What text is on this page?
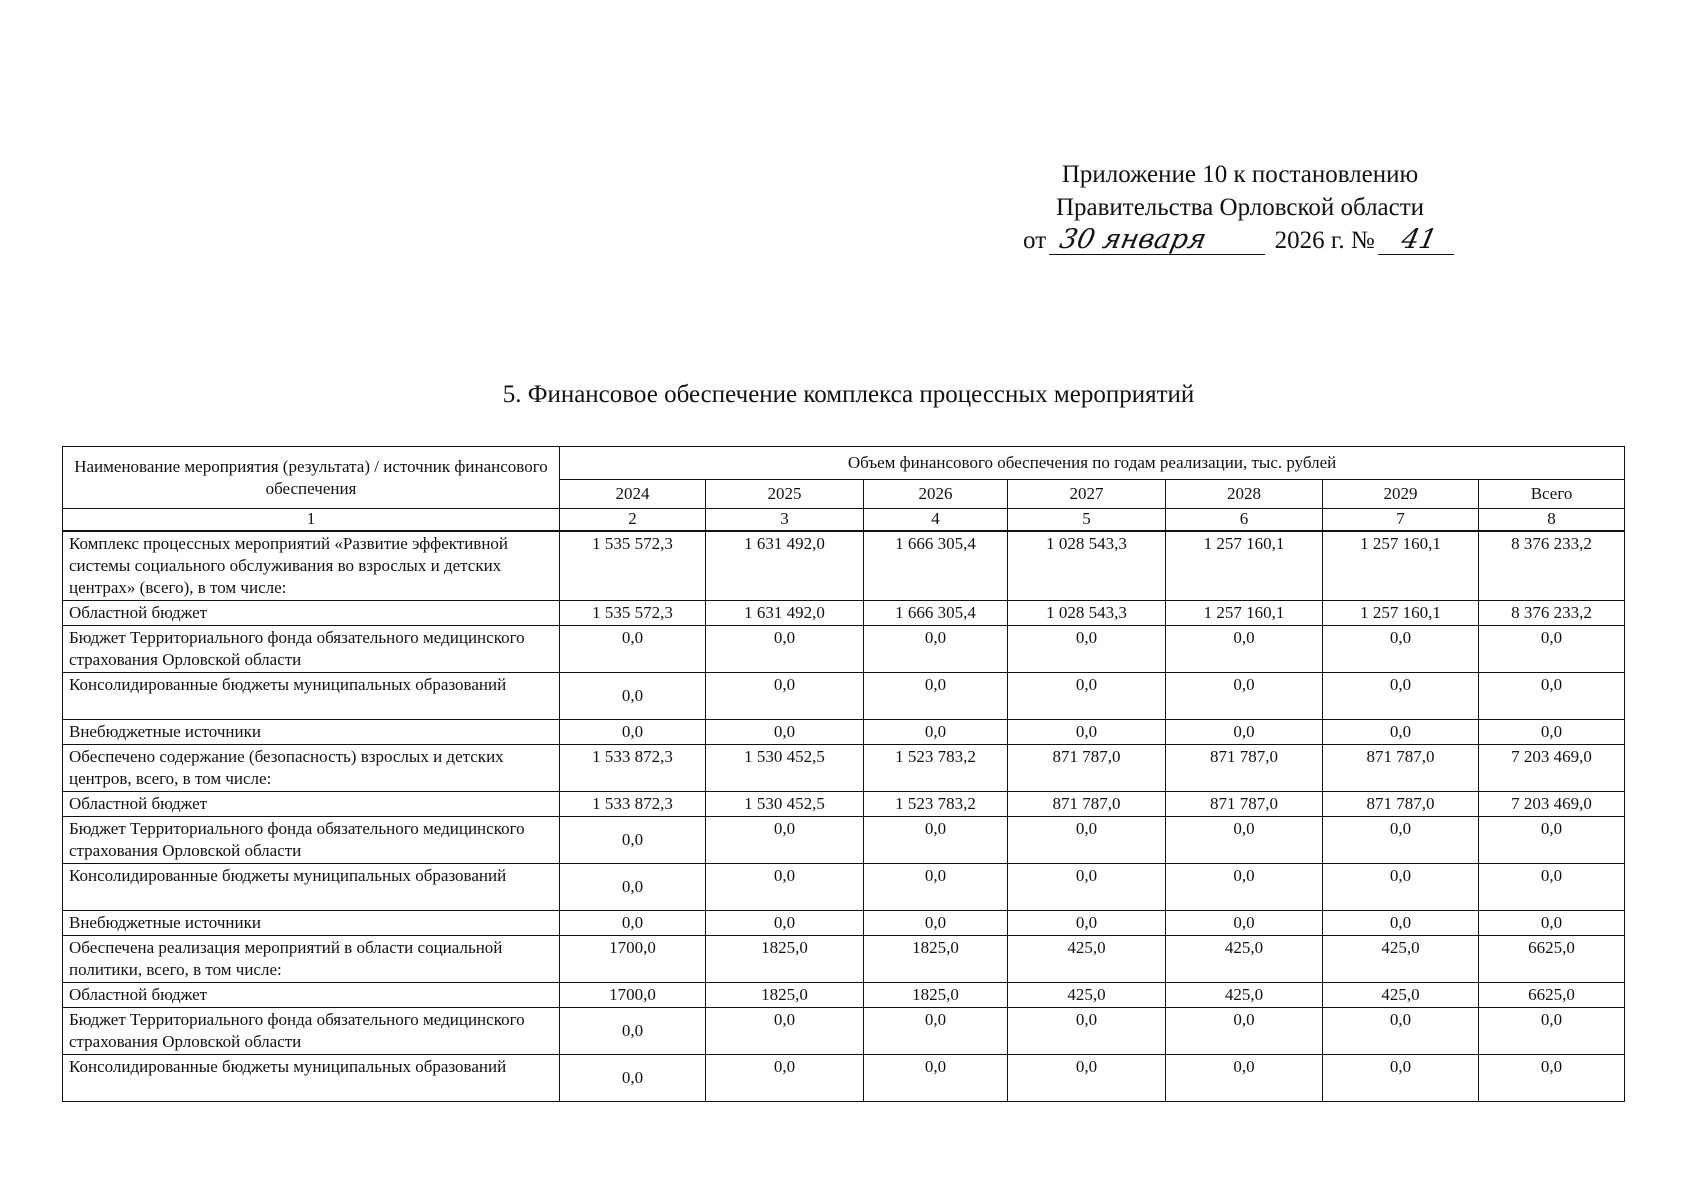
Приложение 10 к постановлению
Правительства Орловской области
от 30 января	2026 г. № 41
5. Финансовое обеспечение комплекса процессных мероприятий
Наименование мероприятия (результата) / источник финансового обеспечения	Объем финансового обеспечения по годам реализации, тыс. рублей						
	2024	2025	2026	2027	2028	2029	Всего
1	2	3	4	5	6	7	8
Комплекс процессных мероприятий «Развитие эффективной системы социального обслуживания во взрослых и детских центрах» (всего), в том числе:	1 535 572,3	1 631 492,0	1 666 305,4	1 028 543,3	1 257 160,1	1 257 160,1	8 376 233,2
Областной бюджет	1 535 572,3	1 631 492,0	1 666 305,4	1 028 543,3	1 257 160,1	1 257 160,1	8 376 233,2
Бюджет Территориального фонда обязательного медицинского страхования Орловской области	0,0	0,0	0,0	0,0	0,0	0,0	0,0
Консолидированные бюджеты муниципальных образований	0,0	0,0	0,0	0,0	0,0	0,0	0,0
Внебюджетные источники	0,0	0,0	0,0	0,0	0,0	0,0	0,0
Обеспечено содержание (безопасность) взрослых и детских центров, всего, в том числе:	1 533 872,3	1 530 452,5	1 523 783,2	871 787,0	871 787,0	871 787,0	7 203 469,0
Областной бюджет	1 533 872,3	1 530 452,5	1 523 783,2	871 787,0	871 787,0	871 787,0	7 203 469,0
Бюджет Территориального фонда обязательного медицинского страхования Орловской области	0,0	0,0	0,0	0,0	0,0	0,0	0,0
Консолидированные бюджеты муниципальных образований	0,0	0,0	0,0	0,0	0,0	0,0	0,0
Внебюджетные источники	0,0	0,0	0,0	0,0	0,0	0,0	0,0
Обеспечена реализация мероприятий в области социальной политики, всего, в том числе:	1700,0	1825,0	1825,0	425,0	425,0	425,0	6625,0
Областной бюджет	1700,0	1825,0	1825,0	425,0	425,0	425,0	6625,0
Бюджет Территориального фонда обязательного медицинского страхования Орловской области	0,0	0,0	0,0	0,0	0,0	0,0	0,0
Консолидированные бюджеты муниципальных образований	0,0	0,0	0,0	0,0	0,0	0,0	0,0
